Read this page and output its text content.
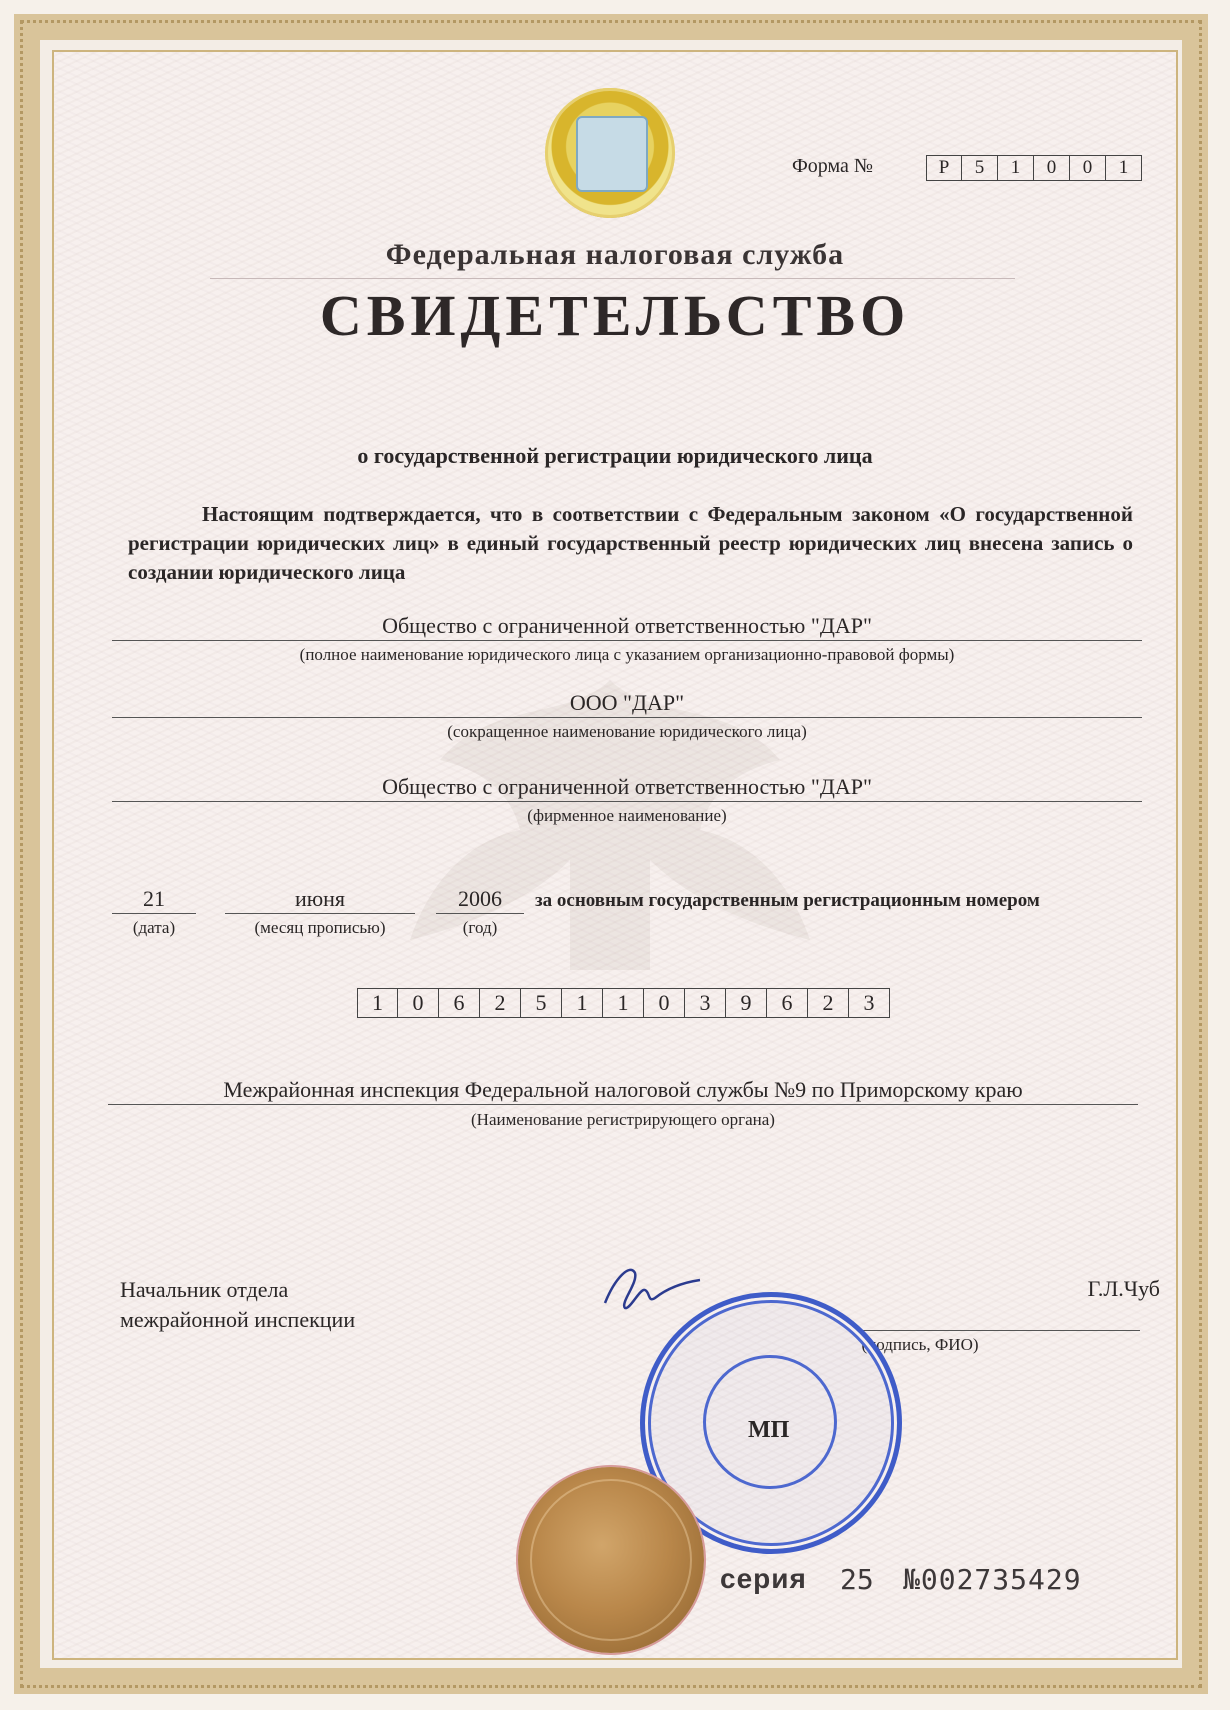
Форма №	Р	5	1	0	0	1
Федеральная налоговая служба
СВИДЕТЕЛЬСТВО
о государственной регистрации юридического лица
Настоящим подтверждается, что в соответствии с Федеральным законом «О государственной регистрации юридических лиц» в единый государственный реестр юридических лиц внесена запись о создании юридического лица
Общество с ограниченной ответственностью "ДАР"
(полное наименование юридического лица с указанием организационно-правовой формы)
ООО "ДАР"
(сокращенное наименование юридического лица)
Общество с ограниченной ответственностью "ДАР"
(фирменное наименование)
21
(дата)
июня
(месяц прописью)
2006
(год)
за основным государственным регистрационным номером
1	0	6	2	5	1	1	0	3	9	6	2	3
Межрайонная инспекция Федеральной налоговой службы №9 по Приморскому краю
(Наименование регистрирующего органа)
Начальник отдела
межрайонной инспекции
Г.Л.Чуб
(подпись, ФИО)
МП
серия 25 №002735429
